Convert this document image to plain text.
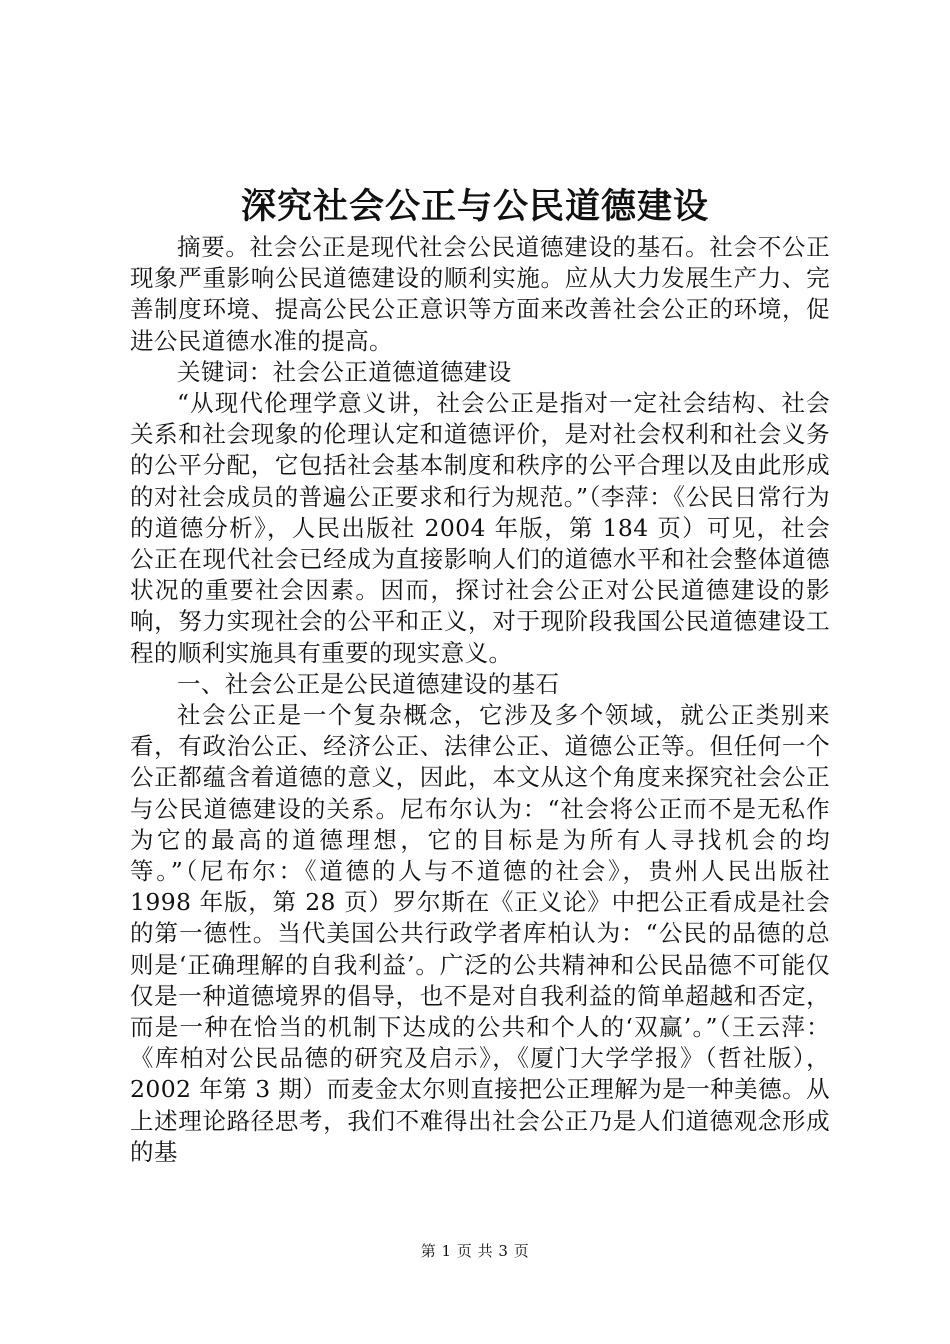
深究社会公正与公民道德建设

摘要。社会公正是现代社会公民道德建设的基石。社会不公正现象严重影响公民道德建设的顺利实施。应从大力发展生产力、完善制度环境、提高公民公正意识等方面来改善社会公正的环境，促进公民道德水准的提高。

关键词：社会公正道德道德建设

“从现代伦理学意义讲，社会公正是指对一定社会结构、社会关系和社会现象的伦理认定和道德评价，是对社会权利和社会义务的公平分配，它包括社会基本制度和秩序的公平合理以及由此形成的对社会成员的普遍公正要求和行为规范。”（李萍：《公民日常行为的道德分析》，人民出版社 2004 年版，第 184 页）可见，社会公正在现代社会已经成为直接影响人们的道德水平和社会整体道德状况的重要社会因素。因而，探讨社会公正对公民道德建设的影响，努力实现社会的公平和正义，对于现阶段我国公民道德建设工程的顺利实施具有重要的现实意义。

一、社会公正是公民道德建设的基石

社会公正是一个复杂概念，它涉及多个领域，就公正类别来看，有政治公正、经济公正、法律公正、道德公正等。但任何一个公正都蕴含着道德的意义，因此，本文从这个角度来探究社会公正与公民道德建设的关系。尼布尔认为：“社会将公正而不是无私作为它的最高的道德理想，它的目标是为所有人寻找机会的均等。”（尼布尔：《道德的人与不道德的社会》，贵州人民出版社 1998 年版，第 28 页）罗尔斯在《正义论》中把公正看成是社会的第一德性。当代美国公共行政学者库柏认为：“公民的品德的总则是‘正确理解的自我利益’。广泛的公共精神和公民品德不可能仅仅是一种道德境界的倡导，也不是对自我利益的简单超越和否定，而是一种在恰当的机制下达成的公共和个人的‘双赢’。”（王云萍：《库柏对公民品德的研究及启示》，《厦门大学学报》（哲社版），2002 年第 3 期）而麦金太尔则直接把公正理解为是一种美德。从上述理论路径思考，我们不难得出社会公正乃是人们道德观念形成的基

第 1 页 共 3 页
